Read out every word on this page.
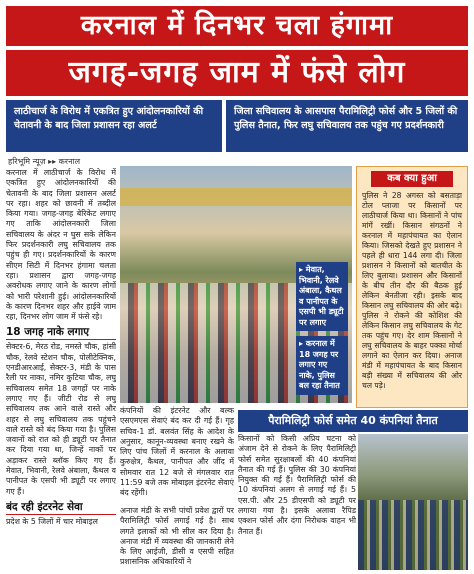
करनाल में दिनभर चला हंगामा
जगह-जगह जाम में फंसे लोग
लाठीचार्ज के विरोध में एकत्रित हुए आंदोलनकारियों की चेतावनी के बाद जिला प्रशासन रहा अलर्ट
जिला सचिवालय के आसपास पैरामिलिट्री फोर्स और 5 जिलों की पुलिस तैनात, फिर लघु सचिवालय तक पहुंच गए प्रदर्शनकारी
हरिभूमि न्यूज़ ▸▸ करनाल

करनाल में लाठीचार्ज के विरोध में एकत्रित हुए आंदोलनकारियों की चेतावनी के बाद जिला प्रशासन अलर्ट पर रहा। शहर को छावनी में तब्दील किया गया। जगह-जगह बेरिकेट लगाए गए ताकि आंदोलनकारी जिला सचिवालय के अंदर न घुस सके लेकिन फिर प्रदर्शनकारी लघु सचिवालय तक पहुंच ही गए। प्रदर्शनकारियों के कारण सीएम सिटी में दिनभर हंगामा चलता रहा। प्रशासन द्वारा जगह-जगह अवरोधक लगाए जाने के कारण लोगों को भारी परेशानी हुई। आंदोलनकारियों के कारण दिनभर शहर और हाईवे जाम रहा, दिनभर लोग जाम में फंसे रहे।

18 जगह नाके लगाए

सेक्टर-6, मेरठ रोड, नमस्ते चौक, हांसी चौक, रेलवे स्टेशन चौक, पोलीटेक्निक, एनडीआरआई, सेक्टर-3, मंडी के पास रैली पर नाका, नमिर कुटिया चौक, लघु सचिवालय समेत 18 जगहों पर नाके लगाए गए हैं। जीटी रोड से लघु सचिवालय तक आने वाले रास्ते और शहर से लघु सचिवालय तक पहुंचने वाले रास्ते को बंद किया गया है। पुलिस जवानों को रात को ही ड्यूटी पर तैनात कर दिया गया था, जिन्हें नाकों पर अड़ाकर रास्ते ब्लॉक किए गए हैं। मेवात, भिवानी, रेलवे अंबाला, कैथल व पानीपत के एसपी भी ड्यूटी पर लगाए गए हैं।

बंद रही इंटरनेट सेवा

प्रदेश के 5 जिलों में चार मोबाइल

▸ मेवात, भिवानी, रेलवे अंबाला, कैथल व पानीपत के एसपी भी ड्यूटी पर लगाए
▸ करनाल में 18 जगह पर लगाए गए नाके, पुलिस बल रहा तैनात
कब क्या हुआ
पुलिस ने 28 अगस्त को बसताड़ा टोल प्लाजा पर किसानों पर लाठीचार्ज किया था। किसानों ने पांच मांगें रखीं। किसान संगठनों ने करनाल में महापंचायत का ऐलान किया। जिसको देखते हुए प्रशासन ने पहले ही धारा 144 लगा दी। जिला प्रशासन ने किसानों को बातचीत के लिए बुलाया। प्रशासन और किसानों के बीच तीन दौर की बैठक हुई लेकिन बेनतीजा रही। इसके बाद किसान लघु सचिवालय की ओर बढ़े। पुलिस ने रोकने की कोशिश की लेकिन किसान लघु सचिवालय के गेट तक पहुंच गए। देर शाम किसानों ने लघु सचिवालय के बाहर पक्का मोर्चा लगाने का ऐलान कर दिया। अनाज मंडी में महापंचायत के बाद किसान बड़ी संख्या में सचिवालय की ओर चल पड़े।
कंपनियों की इंटरनेट और बल्क एसएमएस सेवाएं बंद कर दी गई हैं। गृह सचिव-1 डॉ. बलवंत सिंह के आदेश के अनुसार, कानून-व्यवस्था बनाए रखने के लिए पांच जिलों में करनाल के अलावा कुरुक्षेत्र, कैथल, पानीपत और जींद में सोमवार रात 12 बजे से मंगलवार रात 11:59 बजे तक मोबाइल इंटरनेट सेवाएं बंद रहेंगी।
पैरामिलिट्री फोर्स समेत 40 कंपनियां तैनात
किसानों को किसी अप्रिय घटना को अंजाम देने से रोकने के लिए पैरामिलिट्री फोर्स समेत सुरक्षाबलों की 40 कंपनियां तैनात की गई हैं। पुलिस की 30 कंपनियां नियुक्त की गई हैं। पैरामिलिट्री फोर्स की 10 कंपनियां अलग से लगाई गई हैं। 5 एस.पी. और 25 डीएसपी को ड्यूटी पर लगाया गया है। इसके अलावा रैपिड एक्शन फोर्स और दंगा निरोधक वाहन भी तैनात हैं।
अनाज मंडी के सभी पांचों प्रवेश द्वारों पर पैरामिलिट्री फोर्स लगाई गई है। साथ लगते इलाकों को भी सील कर दिया है। अनाज मंडी में व्यवस्था की जानकारी लेने के लिए आईजी, डीसी व एसपी सहित प्रशासनिक अधिकारियों ने
